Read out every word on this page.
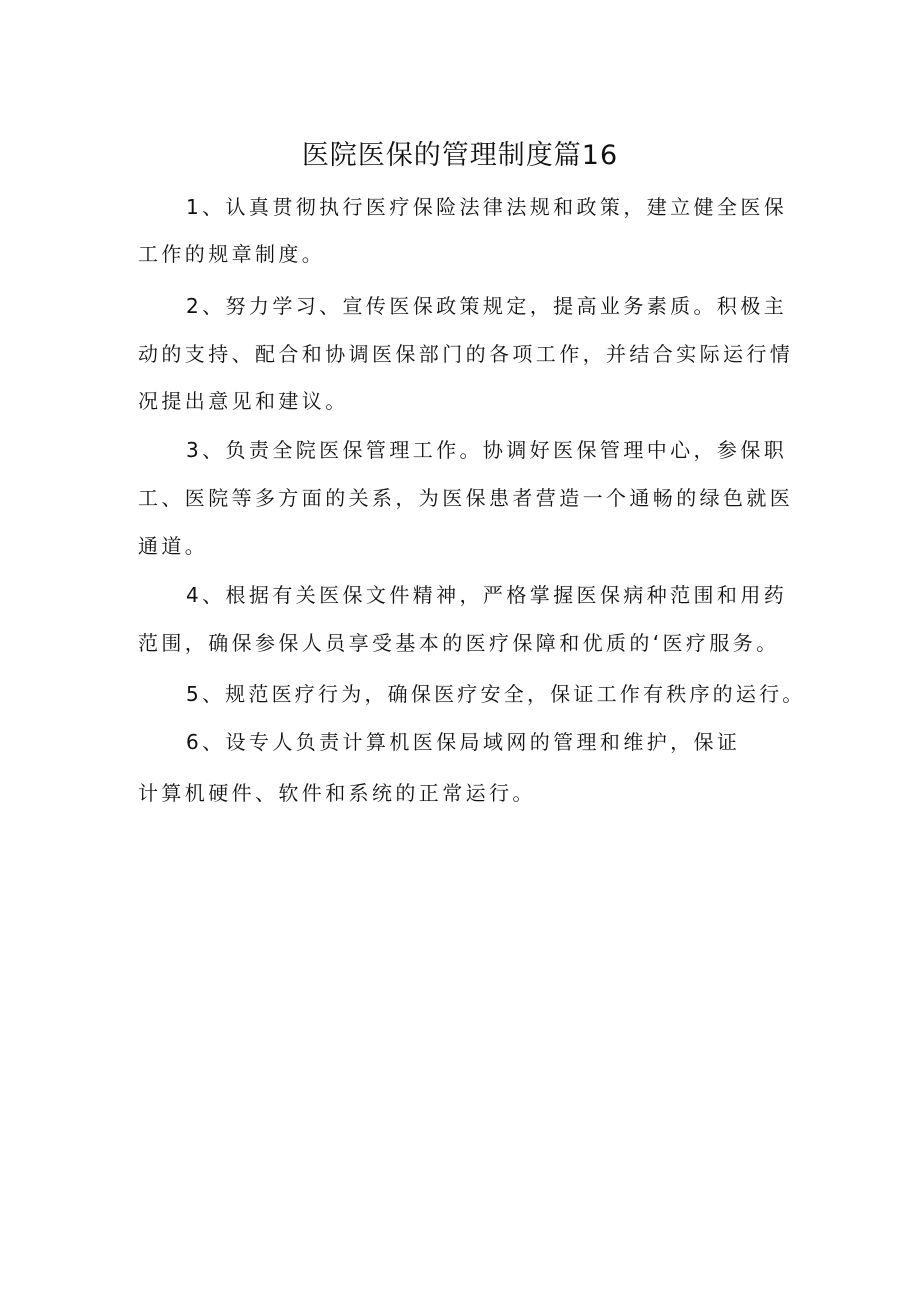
医院医保的管理制度篇16
1、认真贯彻执行医疗保险法律法规和政策，建立健全医保
工作的规章制度。
2、努力学习、宣传医保政策规定，提高业务素质。积极主
动的支持、配合和协调医保部门的各项工作，并结合实际运行情
况提出意见和建议。
3、负责全院医保管理工作。协调好医保管理中心，参保职
工、医院等多方面的关系，为医保患者营造一个通畅的绿色就医
通道。
4、根据有关医保文件精神，严格掌握医保病种范围和用药
范围，确保参保人员享受基本的医疗保障和优质的‘医疗服务。
5、规范医疗行为，确保医疗安全，保证工作有秩序的运行。
6、设专人负责计算机医保局域网的管理和维护，保证
计算机硬件、软件和系统的正常运行。
